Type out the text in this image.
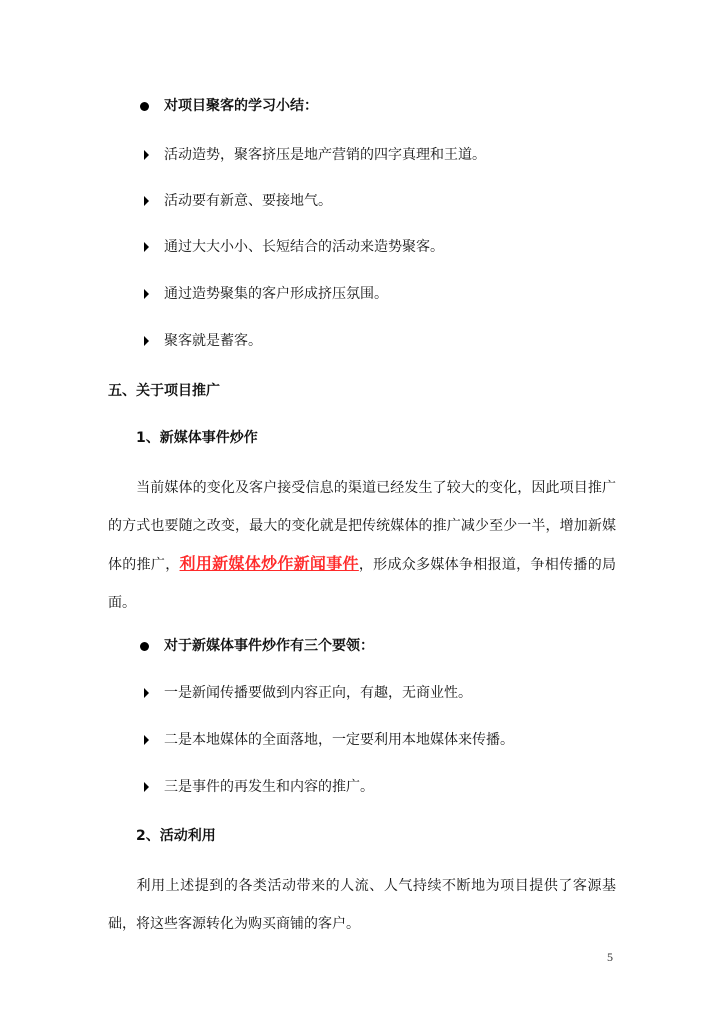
对项目聚客的学习小结：
活动造势，聚客挤压是地产营销的四字真理和王道。
活动要有新意、要接地气。
通过大大小小、长短结合的活动来造势聚客。
通过造势聚集的客户形成挤压氛围。
聚客就是蓄客。
五、关于项目推广
1、新媒体事件炒作
当前媒体的变化及客户接受信息的渠道已经发生了较大的变化，因此项目推广的方式也要随之改变，最大的变化就是把传统媒体的推广减少至少一半，增加新媒体的推广，利用新媒体炒作新闻事件，形成众多媒体争相报道，争相传播的局面。
对于新媒体事件炒作有三个要领：
一是新闻传播要做到内容正向，有趣，无商业性。
二是本地媒体的全面落地，一定要利用本地媒体来传播。
三是事件的再发生和内容的推广。
2、活动利用
利用上述提到的各类活动带来的人流、人气持续不断地为项目提供了客源基础，将这些客源转化为购买商铺的客户。
5
